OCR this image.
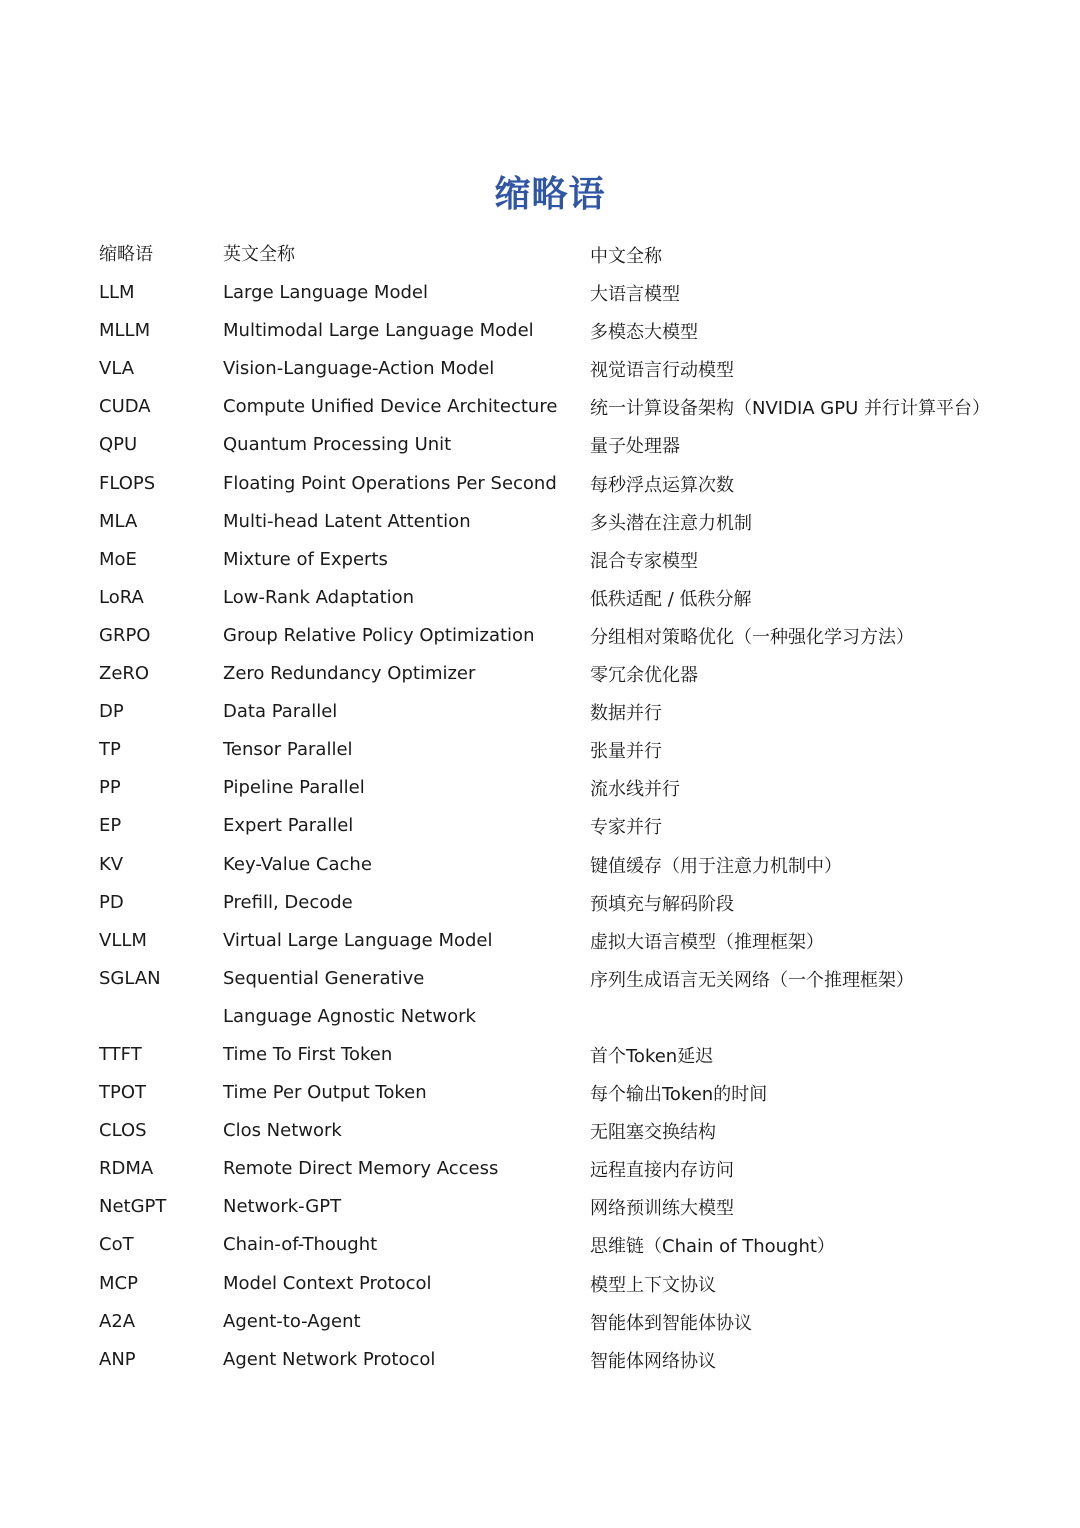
缩略语
缩略语	英文全称	中文全称
LLM	Large Language Model	大语言模型
MLLM	Multimodal Large Language Model	多模态大模型
VLA	Vision-Language-Action Model	视觉语言行动模型
CUDA	Compute Unified Device Architecture 统一计算设备架构（NVIDIA GPU 并行计算平台）
QPU	Quantum Processing Unit	量子处理器
FLOPS	Floating Point Operations Per Second 每秒浮点运算次数
MLA	Multi-head Latent Attention	多头潜在注意力机制
MoE	Mixture of Experts	混合专家模型
LoRA	Low-Rank Adaptation	低秩适配 / 低秩分解
GRPO	Group Relative Policy Optimization	分组相对策略优化（一种强化学习方法）
ZeRO	Zero Redundancy Optimizer	零冗余优化器
DP	Data Parallel	数据并行
TP	Tensor Parallel	张量并行
PP	Pipeline Parallel	流水线并行
EP	Expert Parallel	专家并行
KV	Key-Value Cache	键值缓存（用于注意力机制中）
PD	Prefill, Decode	预填充与解码阶段
VLLM	Virtual Large Language Model	虚拟大语言模型（推理框架）
SGLAN	Sequential Generative	序列生成语言无关网络（一个推理框架）
Language Agnostic Network
TTFT	Time To First Token	首个Token延迟
TPOT	Time Per Output Token	每个输出Token的时间
CLOS	Clos Network	无阻塞交换结构
RDMA	Remote Direct Memory Access	远程直接内存访问
NetGPT	Network-GPT	网络预训练大模型
CoT	Chain-of-Thought	思维链（Chain of Thought）
MCP	Model Context Protocol	模型上下文协议
A2A	Agent-to-Agent	智能体到智能体协议
ANP	Agent Network Protocol	智能体网络协议
